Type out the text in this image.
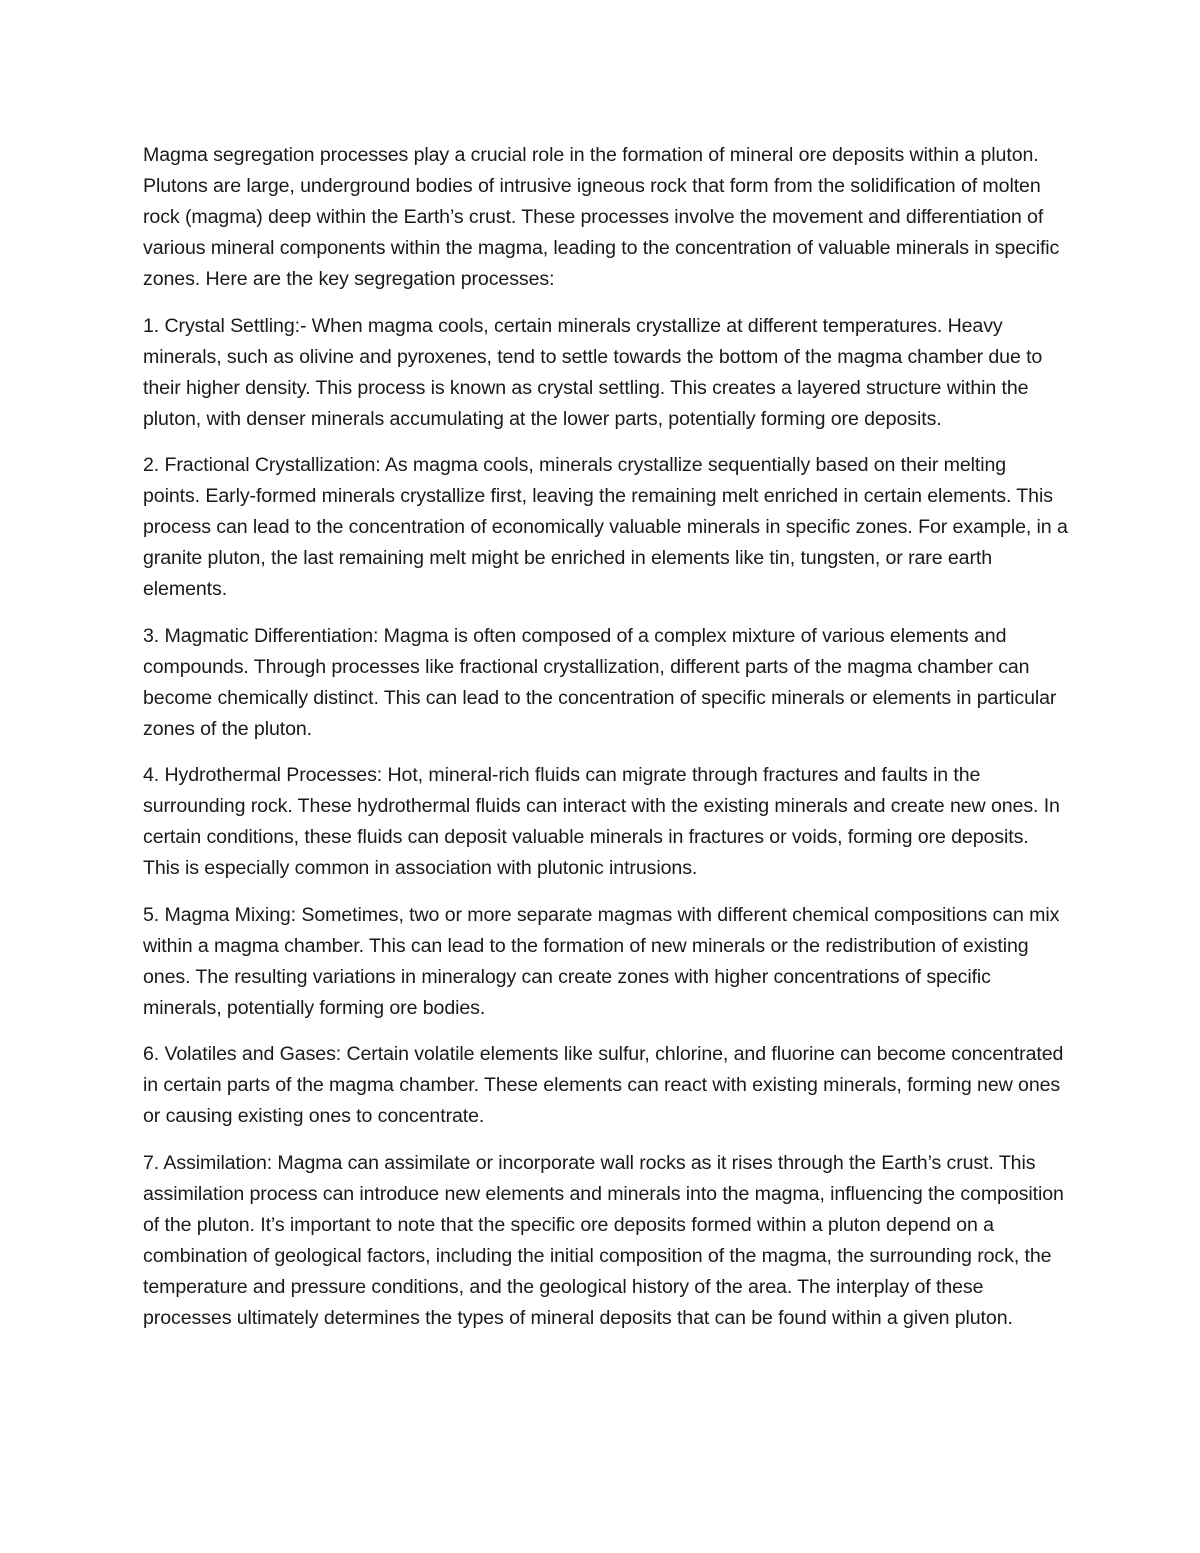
Magma segregation processes play a crucial role in the formation of mineral ore deposits within a pluton. Plutons are large, underground bodies of intrusive igneous rock that form from the solidification of molten rock (magma) deep within the Earth’s crust. These processes involve the movement and differentiation of various mineral components within the magma, leading to the concentration of valuable minerals in specific zones. Here are the key segregation processes:

1. Crystal Settling:- When magma cools, certain minerals crystallize at different temperatures. Heavy minerals, such as olivine and pyroxenes, tend to settle towards the bottom of the magma chamber due to their higher density. This process is known as crystal settling. This creates a layered structure within the pluton, with denser minerals accumulating at the lower parts, potentially forming ore deposits.

2. Fractional Crystallization: As magma cools, minerals crystallize sequentially based on their melting points. Early-formed minerals crystallize first, leaving the remaining melt enriched in certain elements. This process can lead to the concentration of economically valuable minerals in specific zones. For example, in a granite pluton, the last remaining melt might be enriched in elements like tin, tungsten, or rare earth elements.

3. Magmatic Differentiation: Magma is often composed of a complex mixture of various elements and compounds. Through processes like fractional crystallization, different parts of the magma chamber can become chemically distinct. This can lead to the concentration of specific minerals or elements in particular zones of the pluton.

4. Hydrothermal Processes: Hot, mineral-rich fluids can migrate through fractures and faults in the surrounding rock. These hydrothermal fluids can interact with the existing minerals and create new ones. In certain conditions, these fluids can deposit valuable minerals in fractures or voids, forming ore deposits. This is especially common in association with plutonic intrusions.

5. Magma Mixing: Sometimes, two or more separate magmas with different chemical compositions can mix within a magma chamber. This can lead to the formation of new minerals or the redistribution of existing ones. The resulting variations in mineralogy can create zones with higher concentrations of specific minerals, potentially forming ore bodies.

6. Volatiles and Gases: Certain volatile elements like sulfur, chlorine, and fluorine can become concentrated in certain parts of the magma chamber. These elements can react with existing minerals, forming new ones or causing existing ones to concentrate.

7. Assimilation: Magma can assimilate or incorporate wall rocks as it rises through the Earth’s crust. This assimilation process can introduce new elements and minerals into the magma, influencing the composition of the pluton. It’s important to note that the specific ore deposits formed within a pluton depend on a combination of geological factors, including the initial composition of the magma, the surrounding rock, the temperature and pressure conditions, and the geological history of the area. The interplay of these processes ultimately determines the types of mineral deposits that can be found within a given pluton.
